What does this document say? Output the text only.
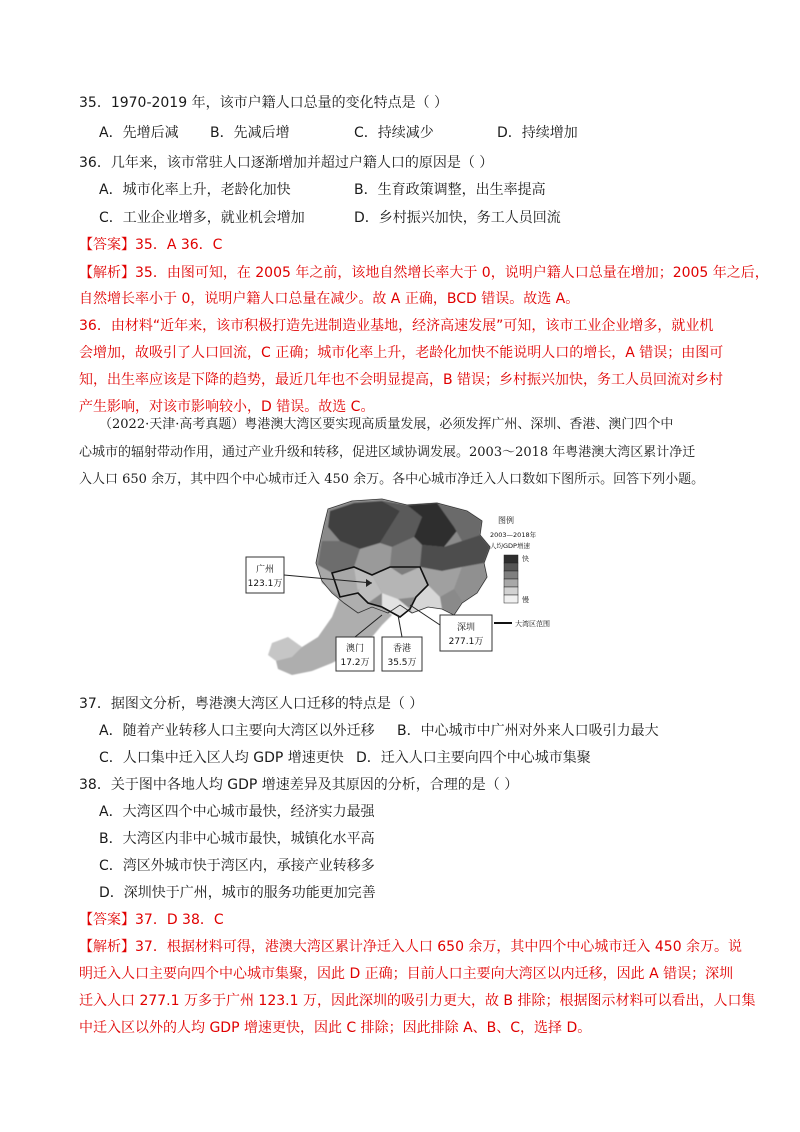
35．1970-2019 年，该市户籍人口总量的变化特点是（ ）
A．先增后减 B．先减后增	C．持续减少	D．持续增加
36．几年来，该市常驻人口逐渐增加并超过户籍人口的原因是（ ）
A．城市化率上升，老龄化加快	B．生育政策调整，出生率提高
C．工业企业增多，就业机会增加	D．乡村振兴加快，务工人员回流
【答案】35．A 36．C
【解析】35．由图可知，在 2005 年之前，该地自然增长率大于 0，说明户籍人口总量在增加；2005 年之后，
自然增长率小于 0，说明户籍人口总量在减少。故 A 正确，BCD 错误。故选 A。
36．由材料“近年来，该市积极打造先进制造业基地，经济高速发展”可知，该市工业企业增多，就业机
会增加，故吸引了人口回流，C 正确；城市化率上升，老龄化加快不能说明人口的增长，A 错误；由图可
知，出生率应该是下降的趋势，最近几年也不会明显提高，B 错误；乡村振兴加快，务工人员回流对乡村
产生影响，对该市影响较小，D 错误。故选 C。
（2022·天津·高考真题）粤港澳大湾区要实现高质量发展，必须发挥广州、深圳、香港、澳门四个中
心城市的辐射带动作用，通过产业升级和转移，促进区域协调发展。2003～2018 年粤港澳大湾区累计净迁
入人口 650 余万，其中四个中心城市迁入 450 余万。各中心城市净迁入人口数如下图所示。回答下列小题。
广州
123.1万
深圳
277.1万
澳门
17.2万
香港
35.5万
图例
2003—2018年
人均GDP增速
快
慢
大湾区范围
37．据图文分析，粤港澳大湾区人口迁移的特点是（ ）
A．随着产业转移人口主要向大湾区以外迁移 B．中心城市中广州对外来人口吸引力最大
C．人口集中迁入区人均 GDP 增速更快 D．迁入人口主要向四个中心城市集聚
38．关于图中各地人均 GDP 增速差异及其原因的分析，合理的是（ ）
A．大湾区四个中心城市最快，经济实力最强
B．大湾区内非中心城市最快，城镇化水平高
C．湾区外城市快于湾区内，承接产业转移多
D．深圳快于广州，城市的服务功能更加完善
【答案】37．D 38．C
【解析】37．根据材料可得，港澳大湾区累计净迁入人口 650 余万，其中四个中心城市迁入 450 余万。说
明迁入人口主要向四个中心城市集聚，因此 D 正确；目前人口主要向大湾区以内迁移，因此 A 错误；深圳
迁入人口 277.1 万多于广州 123.1 万，因此深圳的吸引力更大，故 B 排除；根据图示材料可以看出，人口集
中迁入区以外的人均 GDP 增速更快，因此 C 排除；因此排除 A、B、C，选择 D。
